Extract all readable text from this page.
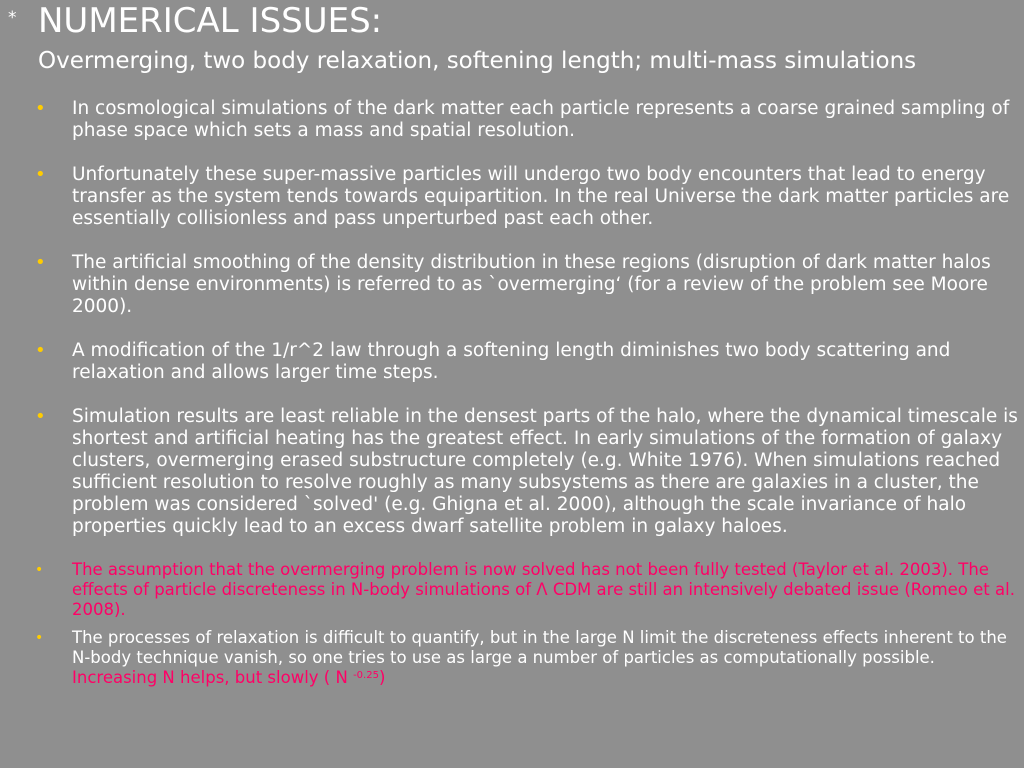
* NUMERICAL ISSUES:
Overmerging, two body relaxation, softening length; multi-mass simulations
• In cosmological simulations of the dark matter each particle represents a coarse grained sampling of phase space which sets a mass and spatial resolution.
• Unfortunately these super-massive particles will undergo two body encounters that lead to energy transfer as the system tends towards equipartition. In the real Universe the dark matter particles are essentially collisionless and pass unperturbed past each other.
• The artificial smoothing of the density distribution in these regions (disruption of dark matter halos within dense environments) is referred to as `overmerging‘ (for a review of the problem see Moore 2000).
• A modification of the 1/r^2 law through a softening length diminishes two body scattering and relaxation and allows larger time steps.
• Simulation results are least reliable in the densest parts of the halo, where the dynamical timescale is shortest and artificial heating has the greatest effect. In early simulations of the formation of galaxy clusters, overmerging erased substructure completely (e.g. White 1976). When simulations reached sufficient resolution to resolve roughly as many subsystems as there are galaxies in a cluster, the problem was considered `solved' (e.g. Ghigna et al. 2000), although the scale invariance of halo properties quickly lead to an excess dwarf satellite problem in galaxy haloes.
• The assumption that the overmerging problem is now solved has not been fully tested (Taylor et al. 2003). The effects of particle discreteness in N-body simulations of Λ CDM are still an intensively debated issue (Romeo et al. 2008).
• The processes of relaxation is difficult to quantify, but in the large N limit the discreteness effects inherent to the N-body technique vanish, so one tries to use as large a number of particles as computationally possible. Increasing N helps, but slowly ( N $^{-0.25}$)
